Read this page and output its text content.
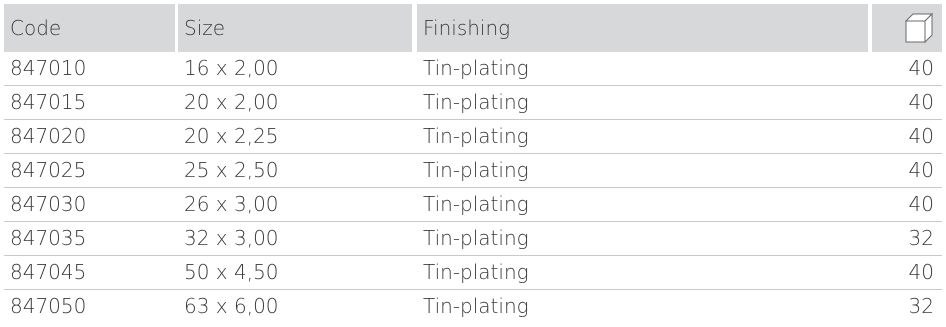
Code	Size	Finishing
847010	16 x 2,00	Tin-plating	40
847015	20 x 2,00	Tin-plating	40
847020	20 x 2,25	Tin-plating	40
847025	25 x 2,50	Tin-plating	40
847030	26 x 3,00	Tin-plating	40
847035	32 x 3,00	Tin-plating	32
847045	50 x 4,50	Tin-plating	40
847050	63 x 6,00	Tin-plating	32
